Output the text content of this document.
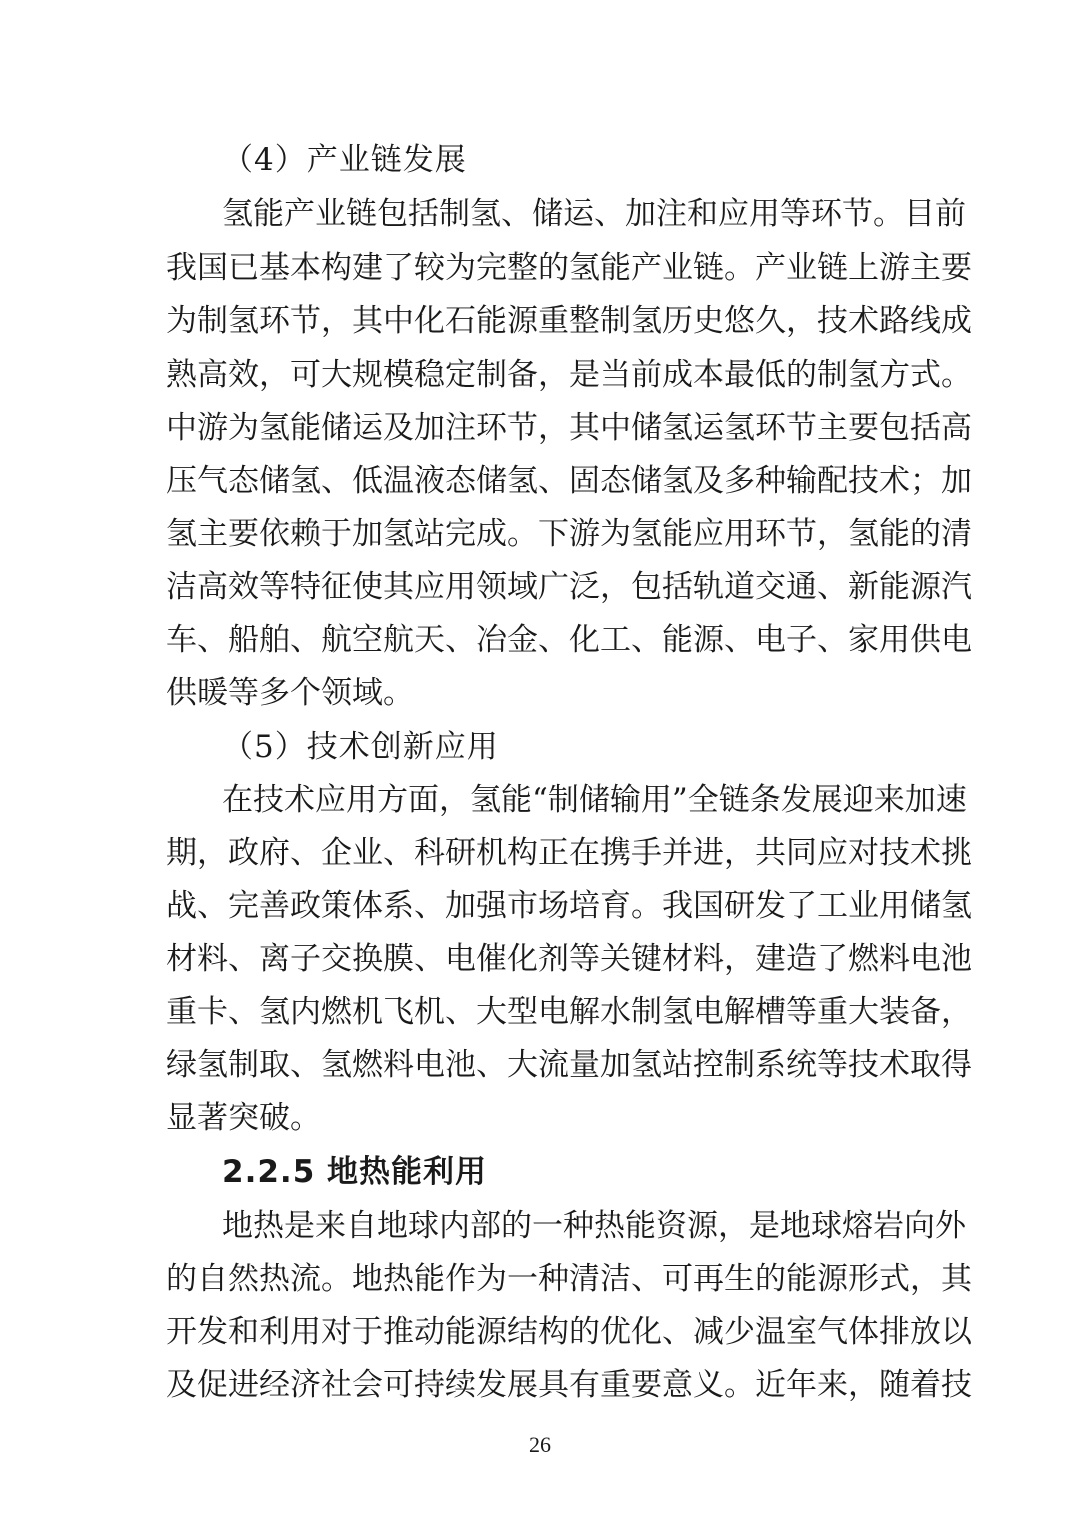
（4）产业链发展
氢能产业链包括制氢、储运、加注和应用等环节。目前
我国已基本构建了较为完整的氢能产业链。产业链上游主要
为制氢环节，其中化石能源重整制氢历史悠久，技术路线成
熟高效，可大规模稳定制备，是当前成本最低的制氢方式。
中游为氢能储运及加注环节，其中储氢运氢环节主要包括高
压气态储氢、低温液态储氢、固态储氢及多种输配技术；加
氢主要依赖于加氢站完成。下游为氢能应用环节，氢能的清
洁高效等特征使其应用领域广泛，包括轨道交通、新能源汽
车、船舶、航空航天、冶金、化工、能源、电子、家用供电
供暖等多个领域。
（5）技术创新应用
在技术应用方面，氢能“制储输用”全链条发展迎来加速
期，政府、企业、科研机构正在携手并进，共同应对技术挑
战、完善政策体系、加强市场培育。我国研发了工业用储氢
材料、离子交换膜、电催化剂等关键材料，建造了燃料电池
重卡、氢内燃机飞机、大型电解水制氢电解槽等重大装备，
绿氢制取、氢燃料电池、大流量加氢站控制系统等技术取得
显著突破。
2.2.5 地热能利用
地热是来自地球内部的一种热能资源，是地球熔岩向外
的自然热流。地热能作为一种清洁、可再生的能源形式，其
开发和利用对于推动能源结构的优化、减少温室气体排放以
及促进经济社会可持续发展具有重要意义。近年来，随着技
26
